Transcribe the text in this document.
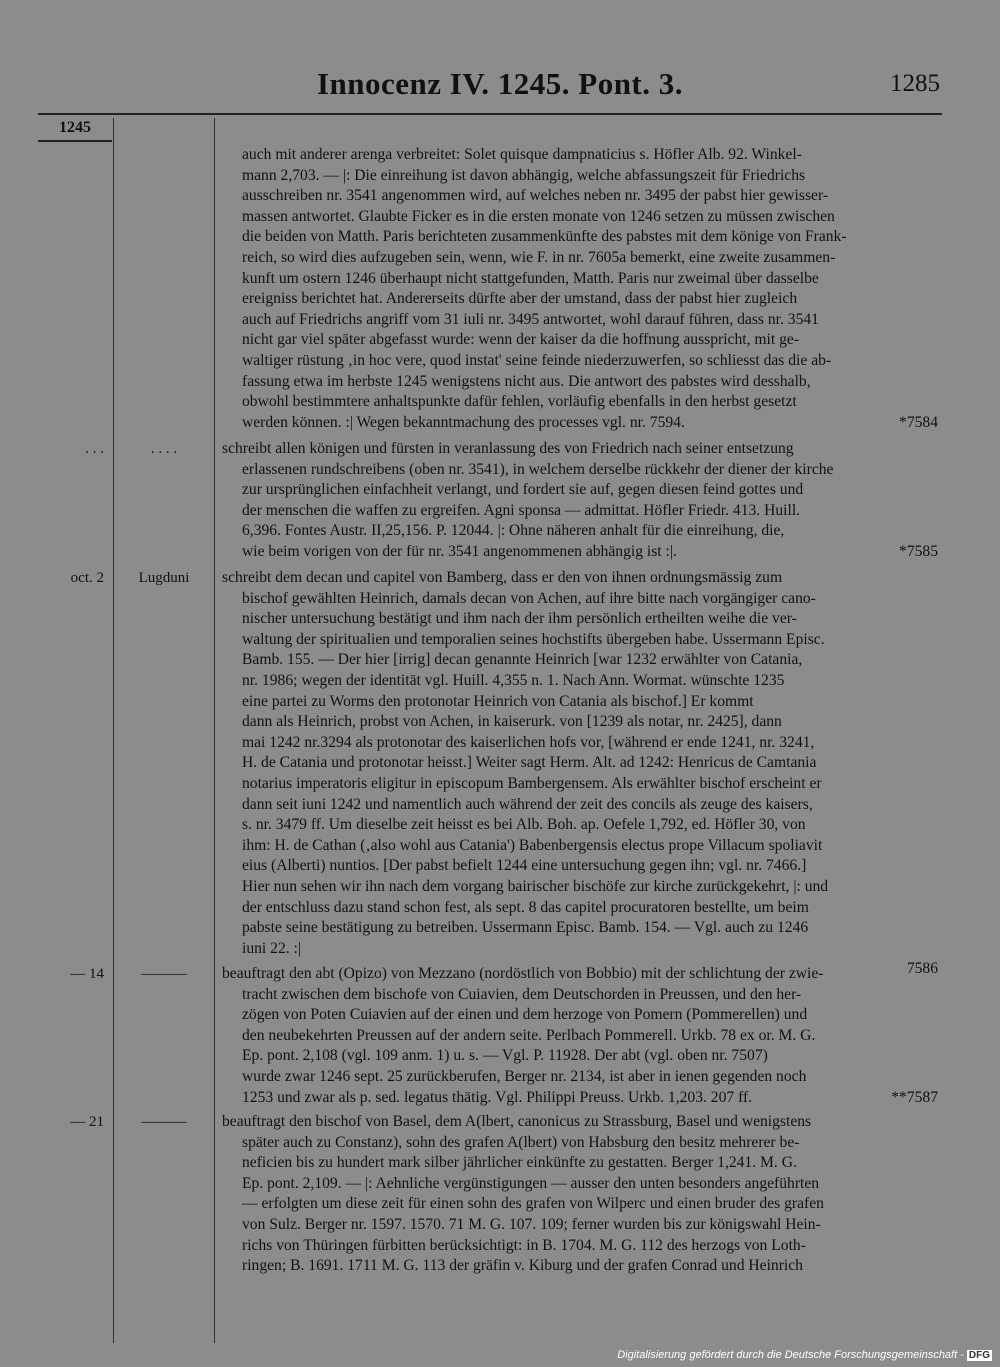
Innocenz IV. 1245. Pont. 3.	1285
1245
auch mit anderer arenga verbreitet: Solet quisque dampnaticius s. Höfler Alb. 92. Winkel-
mann 2,703. — |: Die einreihung ist davon abhängig, welche abfassungszeit für Friedrichs
ausschreiben nr. 3541 angenommen wird, auf welches neben nr. 3495 der pabst hier gewisser-
massen antwortet. Glaubte Ficker es in die ersten monate von 1246 setzen zu müssen zwischen
die beiden von Matth. Paris berichteten zusammenkünfte des pabstes mit dem könige von Frank-
reich, so wird dies aufzugeben sein, wenn, wie F. in nr. 7605a bemerkt, eine zweite zusammen-
kunft um ostern 1246 überhaupt nicht stattgefunden, Matth. Paris nur zweimal über dasselbe
ereigniss berichtet hat. Andererseits dürfte aber der umstand, dass der pabst hier zugleich
auch auf Friedrichs angriff vom 31 iuli nr. 3495 antwortet, wohl darauf führen, dass nr. 3541
nicht gar viel später abgefasst wurde: wenn der kaiser da die hoffnung ausspricht, mit ge-
waltiger rüstung ‚in hoc vere, quod instat' seine feinde niederzuwerfen, so schliesst das die ab-
fassung etwa im herbste 1245 wenigstens nicht aus. Die antwort des pabstes wird desshalb,
obwohl bestimmtere anhaltspunkte dafür fehlen, vorläufig ebenfalls in den herbst gesetzt
werden können. :| Wegen bekanntmachung des processes vgl. nr. 7594.	*7584
. . .	. . . .	schreibt allen königen und fürsten in veranlassung des von Friedrich nach seiner entsetzung
erlassenen rundschreibens (oben nr. 3541), in welchem derselbe rückkehr der diener der kirche
zur ursprünglichen einfachheit verlangt, und fordert sie auf, gegen diesen feind gottes und
der menschen die waffen zu ergreifen. Agni sponsa — admittat. Höfler Friedr. 413. Huill.
6,396. Fontes Austr. II,25,156. P. 12044. |: Ohne näheren anhalt für die einreihung, die,
wie beim vorigen von der für nr. 3541 angenommenen abhängig ist :|.	*7585
oct. 2	Lugduni	schreibt dem decan und capitel von Bamberg, dass er den von ihnen ordnungsmässig zum
bischof gewählten Heinrich, damals decan von Achen, auf ihre bitte nach vorgängiger cano-
nischer untersuchung bestätigt und ihm nach der ihm persönlich ertheilten weihe die ver-
waltung der spiritualien und temporalien seines hochstifts übergeben habe. Ussermann Episc.
Bamb. 155. — Der hier [irrig] decan genannte Heinrich [war 1232 erwählter von Catania,
nr. 1986; wegen der identität vgl. Huill. 4,355 n. 1. Nach Ann. Wormat. wünschte 1235
eine partei zu Worms den protonotar Heinrich von Catania als bischof.] Er kommt
dann als Heinrich, probst von Achen, in kaiserurk. von [1239 als notar, nr. 2425], dann
mai 1242 nr.3294 als protonotar des kaiserlichen hofs vor, [während er ende 1241, nr. 3241,
H. de Catania und protonotar heisst.] Weiter sagt Herm. Alt. ad 1242: Henricus de Camtania
notarius imperatoris eligitur in episcopum Bambergensem. Als erwählter bischof erscheint er
dann seit iuni 1242 und namentlich auch während der zeit des concils als zeuge des kaisers,
s. nr. 3479 ff. Um dieselbe zeit heisst es bei Alb. Boh. ap. Oefele 1,792, ed. Höfler 30, von
ihm: H. de Cathan (‚also wohl aus Catania') Babenbergensis electus prope Villacum spoliavit
eius (Alberti) nuntios. [Der pabst befielt 1244 eine untersuchung gegen ihn; vgl. nr. 7466.]
Hier nun sehen wir ihn nach dem vorgang bairischer bischöfe zur kirche zurückgekehrt, |: und
der entschluss dazu stand schon fest, als sept. 8 das capitel procuratoren bestellte, um beim
pabste seine bestätigung zu betreiben. Ussermann Episc. Bamb. 154. — Vgl. auch zu 1246
iuni 22. :|
7586
— 14	———	beauftragt den abt (Opizo) von Mezzano (nordöstlich von Bobbio) mit der schlichtung der zwie-
tracht zwischen dem bischofe von Cuiavien, dem Deutschorden in Preussen, und den her-
zögen von Poten Cuiavien auf der einen und dem herzoge von Pomern (Pommerellen) und
den neubekehrten Preussen auf der andern seite. Perlbach Pommerell. Urkb. 78 ex or. M. G.
Ep. pont. 2,108 (vgl. 109 anm. 1) u. s. — Vgl. P. 11928. Der abt (vgl. oben nr. 7507)
wurde zwar 1246 sept. 25 zurückberufen, Berger nr. 2134, ist aber in ienen gegenden noch
1253 und zwar als p. sed. legatus thätig. Vgl. Philippi Preuss. Urkb. 1,203. 207 ff.	**7587
— 21	———	beauftragt den bischof von Basel, dem A(lbert, canonicus zu Strassburg, Basel und wenigstens
später auch zu Constanz), sohn des grafen A(lbert) von Habsburg den besitz mehrerer be-
neficien bis zu hundert mark silber jährlicher einkünfte zu gestatten. Berger 1,241. M. G.
Ep. pont. 2,109. — |: Aehnliche vergünstigungen — ausser den unten besonders angeführten
— erfolgten um diese zeit für einen sohn des grafen von Wilperc und einen bruder des grafen
von Sulz. Berger nr. 1597. 1570. 71 M. G. 107. 109; ferner wurden bis zur königswahl Hein-
richs von Thüringen fürbitten berücksichtigt: in B. 1704. M. G. 112 des herzogs von Loth-
ringen; B. 1691. 1711 M. G. 113 der gräfin v. Kiburg und der grafen Conrad und Heinrich
Digitalisierung gefördert durch die Deutsche Forschungsgemeinschaft - DFG
